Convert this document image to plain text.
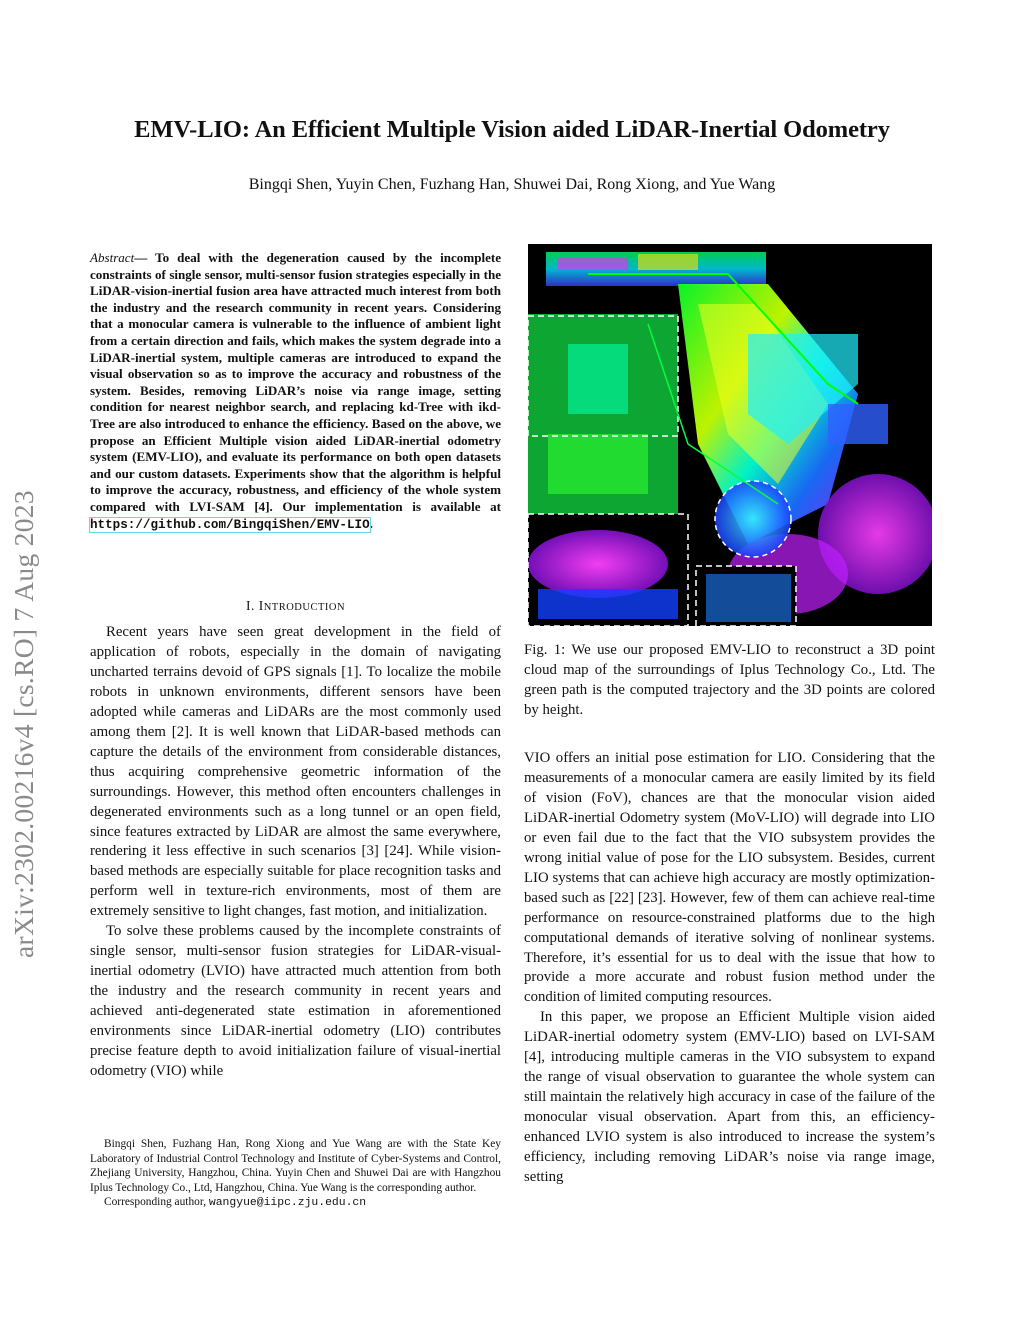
arXiv:2302.00216v4 [cs.RO] 7 Aug 2023
EMV-LIO: An Efficient Multiple Vision aided LiDAR-Inertial Odometry
Bingqi Shen, Yuyin Chen, Fuzhang Han, Shuwei Dai, Rong Xiong, and Yue Wang
Abstract— To deal with the degeneration caused by the incomplete constraints of single sensor, multi-sensor fusion strategies especially in the LiDAR-vision-inertial fusion area have attracted much interest from both the industry and the research community in recent years. Considering that a monocular camera is vulnerable to the influence of ambient light from a certain direction and fails, which makes the system degrade into a LiDAR-inertial system, multiple cameras are introduced to expand the visual observation so as to improve the accuracy and robustness of the system. Besides, removing LiDAR’s noise via range image, setting condition for nearest neighbor search, and replacing kd-Tree with ikd-Tree are also introduced to enhance the efficiency. Based on the above, we propose an Efficient Multiple vision aided LiDAR-inertial odometry system (EMV-LIO), and evaluate its performance on both open datasets and our custom datasets. Experiments show that the algorithm is helpful to improve the accuracy, robustness, and efficiency of the whole system compared with LVI-SAM [4]. Our implementation is available at https://github.com/BingqiShen/EMV-LIO.
I. INTRODUCTION

Recent years have seen great development in the field of application of robots, especially in the domain of navigating uncharted terrains devoid of GPS signals [1]. To localize the mobile robots in unknown environments, different sensors have been adopted while cameras and LiDARs are the most commonly used among them [2]. It is well known that LiDAR-based methods can capture the details of the environment from considerable distances, thus acquiring comprehensive geometric information of the surroundings. However, this method often encounters challenges in degenerated environments such as a long tunnel or an open field, since features extracted by LiDAR are almost the same everywhere, rendering it less effective in such scenarios [3] [24]. While vision-based methods are especially suitable for place recognition tasks and perform well in texture-rich environments, most of them are extremely sensitive to light changes, fast motion, and initialization.

To solve these problems caused by the incomplete constraints of single sensor, multi-sensor fusion strategies for LiDAR-visual-inertial odometry (LVIO) have attracted much attention from both the industry and the research community in recent years and achieved anti-degenerated state estimation in aforementioned environments since LiDAR-inertial odometry (LIO) contributes precise feature depth to avoid initialization failure of visual-inertial odometry (VIO) while

Bingqi Shen, Fuzhang Han, Rong Xiong and Yue Wang are with the State Key Laboratory of Industrial Control Technology and Institute of Cyber-Systems and Control, Zhejiang University, Hangzhou, China. Yuyin Chen and Shuwei Dai are with Hangzhou Iplus Technology Co., Ltd, Hangzhou, China. Yue Wang is the corresponding author.

Corresponding author, wangyue@iipc.zju.edu.cn

Fig. 1: We use our proposed EMV-LIO to reconstruct a 3D point cloud map of the surroundings of Iplus Technology Co., Ltd. The green path is the computed trajectory and the 3D points are colored by height.

VIO offers an initial pose estimation for LIO. Considering that the measurements of a monocular camera are easily limited by its field of vision (FoV), chances are that the monocular vision aided LiDAR-inertial Odometry system (MoV-LIO) will degrade into LIO or even fail due to the fact that the VIO subsystem provides the wrong initial value of pose for the LIO subsystem. Besides, current LIO systems that can achieve high accuracy are mostly optimization-based such as [22] [23]. However, few of them can achieve real-time performance on resource-constrained platforms due to the high computational demands of iterative solving of nonlinear systems. Therefore, it’s essential for us to deal with the issue that how to provide a more accurate and robust fusion method under the condition of limited computing resources.

In this paper, we propose an Efficient Multiple vision aided LiDAR-inertial odometry system (EMV-LIO) based on LVI-SAM [4], introducing multiple cameras in the VIO subsystem to expand the range of visual observation to guarantee the whole system can still maintain the relatively high accuracy in case of the failure of the monocular visual observation. Apart from this, an efficiency-enhanced LVIO system is also introduced to increase the system’s efficiency, including removing LiDAR’s noise via range image, setting
